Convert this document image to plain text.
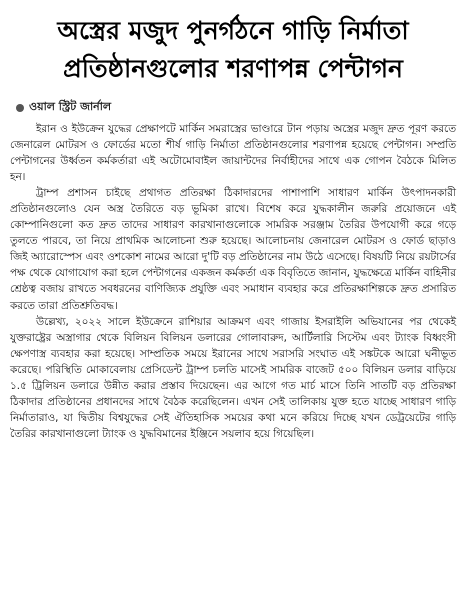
অস্ত্রের মজুদ পুনর্গঠনে গাড়ি নির্মাতা প্রতিষ্ঠানগুলোর শরণাপন্ন পেন্টাগন
ওয়াল স্ট্রিট জার্নাল

ইরান ও ইউক্রেন যুদ্ধের প্রেক্ষাপটে মার্কিন সমরাস্ত্রের ভাণ্ডারে টান পড়ায় অস্ত্রের মজুদ দ্রুত পূরণ করতে জেনারেল মোটরস ও ফোর্ডের মতো শীর্ষ গাড়ি নির্মাতা প্রতিষ্ঠানগুলোর শরণাপন্ন হয়েছে পেন্টাগন। সম্প্রতি পেন্টাগনের উর্ধ্বতন কর্মকর্তারা এই অটোমোবাইল জায়ান্টদের নির্বাহীদের সাথে এক গোপন বৈঠকে মিলিত হন।

ট্রাম্প প্রশাসন চাইছে প্রথাগত প্রতিরক্ষা ঠিকাদারদের পাশাপাশি সাধারণ মার্কিন উৎপাদনকারী প্রতিষ্ঠানগুলোও যেন অস্ত্র তৈরিতে বড় ভূমিকা রাখে। বিশেষ করে যুদ্ধকালীন জরুরি প্রয়োজনে এই কোম্পানিগুলো কত দ্রুত তাদের সাধারণ কারখানাগুলোকে সামরিক সরঞ্জাম তৈরির উপযোগী করে গড়ে তুলতে পারবে, তা নিয়ে প্রাথমিক আলোচনা শুরু হয়েছে। আলোচনায় জেনারেল মোটরস ও ফোর্ড ছাড়াও জিই অ্যারোস্পেস এবং ওশকোশ নামের আরো দু'টি বড় প্রতিষ্ঠানের নাম উঠে এসেছে। বিষয়টি নিয়ে রয়টার্সের পক্ষ থেকে যোগাযোগ করা হলে পেন্টাগনের একজন কর্মকর্তা এক বিবৃতিতে জানান, যুদ্ধক্ষেত্রে মার্কিন বাহিনীর শ্রেষ্ঠত্ব বজায় রাখতে সবধরনের বাণিজ্যিক প্রযুক্তি এবং সমাধান ব্যবহার করে প্রতিরক্ষাশিল্পকে দ্রুত প্রসারিত করতে তারা প্রতিশ্রুতিবদ্ধ।

উল্লেখ্য, ২০২২ সালে ইউক্রেনে রাশিয়ার আক্রমণ এবং গাজায় ইসরাইলি অভিযানের পর থেকেই যুক্তরাষ্ট্রের অস্ত্রাগার থেকে বিলিয়ন বিলিয়ন ডলারের গোলাবারুদ, আর্টিলারি সিস্টেম এবং ট্যাংক বিধ্বংসী ক্ষেপণাস্ত্র ব্যবহার করা হয়েছে। সাম্প্রতিক সময়ে ইরানের সাথে সরাসরি সংঘাত এই সঙ্কটকে আরো ঘনীভূত করেছে। পরিস্থিতি মোকাবেলায় প্রেসিডেন্ট ট্রাম্প চলতি মাসেই সামরিক বাজেট ৫০০ বিলিয়ন ডলার বাড়িয়ে ১.৫ ট্রিলিয়ন ডলারে উন্নীত করার প্রস্তাব দিয়েছেন। এর আগে গত মার্চ মাসে তিনি সাতটি বড় প্রতিরক্ষা ঠিকাদার প্রতিষ্ঠানের প্রধানদের সাথে বৈঠক করেছিলেন। এখন সেই তালিকায় যুক্ত হতে যাচ্ছে সাধারণ গাড়ি নির্মাতারাও, যা দ্বিতীয় বিশ্বযুদ্ধের সেই ঐতিহাসিক সময়ের কথা মনে করিয়ে দিচ্ছে যখন ডেট্রয়েটের গাড়ি তৈরির কারখানাগুলো ট্যাংক ও যুদ্ধবিমানের ইঞ্জিনে সয়লাব হয়ে গিয়েছিল।
